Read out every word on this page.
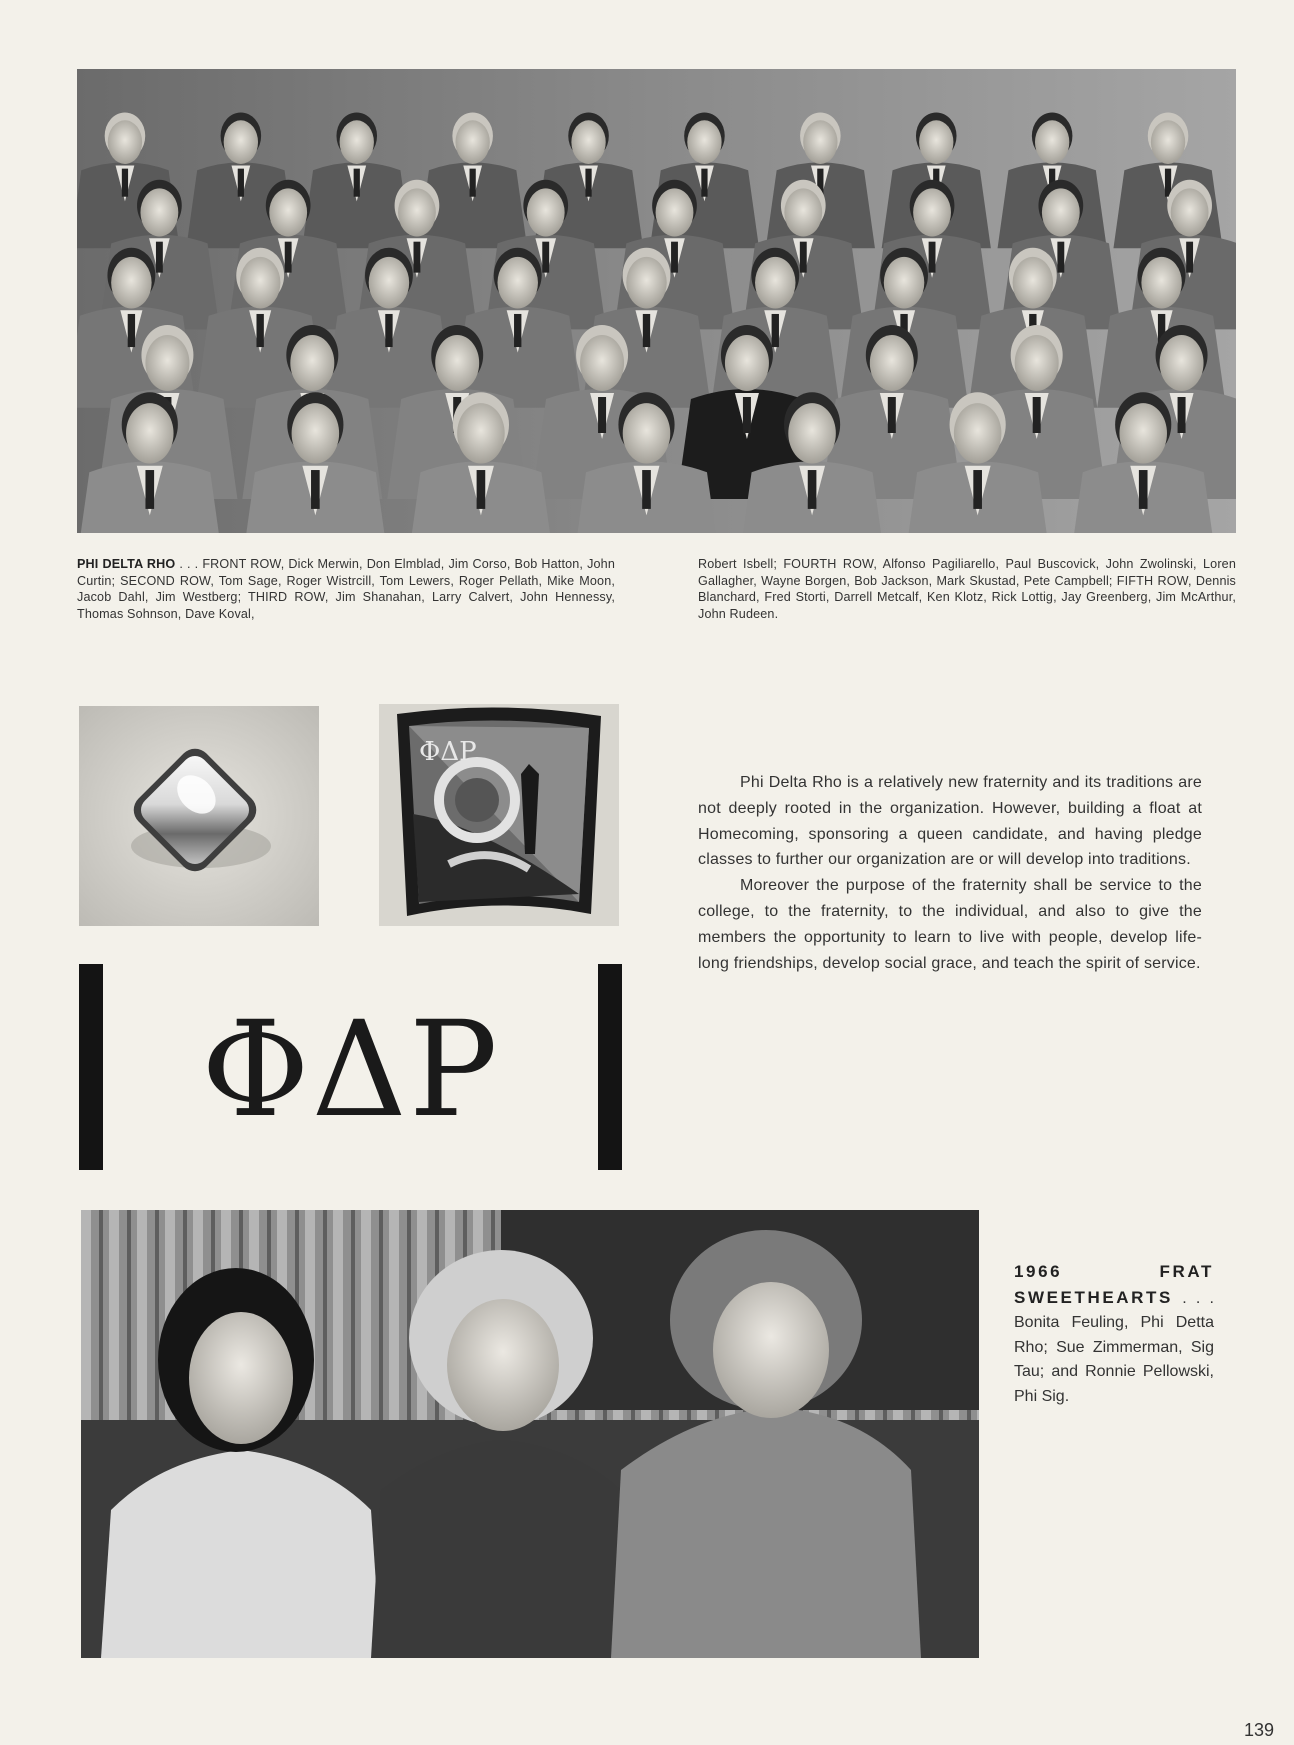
PHI DELTA RHO . . . FRONT ROW, Dick Merwin, Don Elmblad, Jim Corso, Bob Hatton, John Curtin; SECOND ROW, Tom Sage, Roger Wistrcill, Tom Lewers, Roger Pellath, Mike Moon, Jacob Dahl, Jim Westberg; THIRD ROW, Jim Shanahan, Larry Calvert, John Hennessy, Thomas Sohnson, Dave Koval,
Robert Isbell; FOURTH ROW, Alfonso Pagiliarello, Paul Buscovick, John Zwolinski, Loren Gallagher, Wayne Borgen, Bob Jackson, Mark Skustad, Pete Campbell; FIFTH ROW, Dennis Blanchard, Fred Storti, Darrell Metcalf, Ken Klotz, Rick Lottig, Jay Greenberg, Jim McArthur, John Rudeen.
ΦΔΡ
ΦΔΡ

Phi Delta Rho is a relatively new fraternity and its traditions are not deeply rooted in the organization. However, building a float at Homecoming, sponsoring a queen candidate, and having pledge classes to further our organization are or will develop into traditions.

Moreover the purpose of the fraternity shall be service to the college, to the fraternity, to the individual, and also to give the members the opportunity to learn to live with people, develop life-long friendships, develop social grace, and teach the spirit of service.

1966 FRAT SWEETHEARTS . . . Bonita Feuling, Phi Detta Rho; Sue Zimmerman, Sig Tau; and Ronnie Pellowski, Phi Sig.
139
